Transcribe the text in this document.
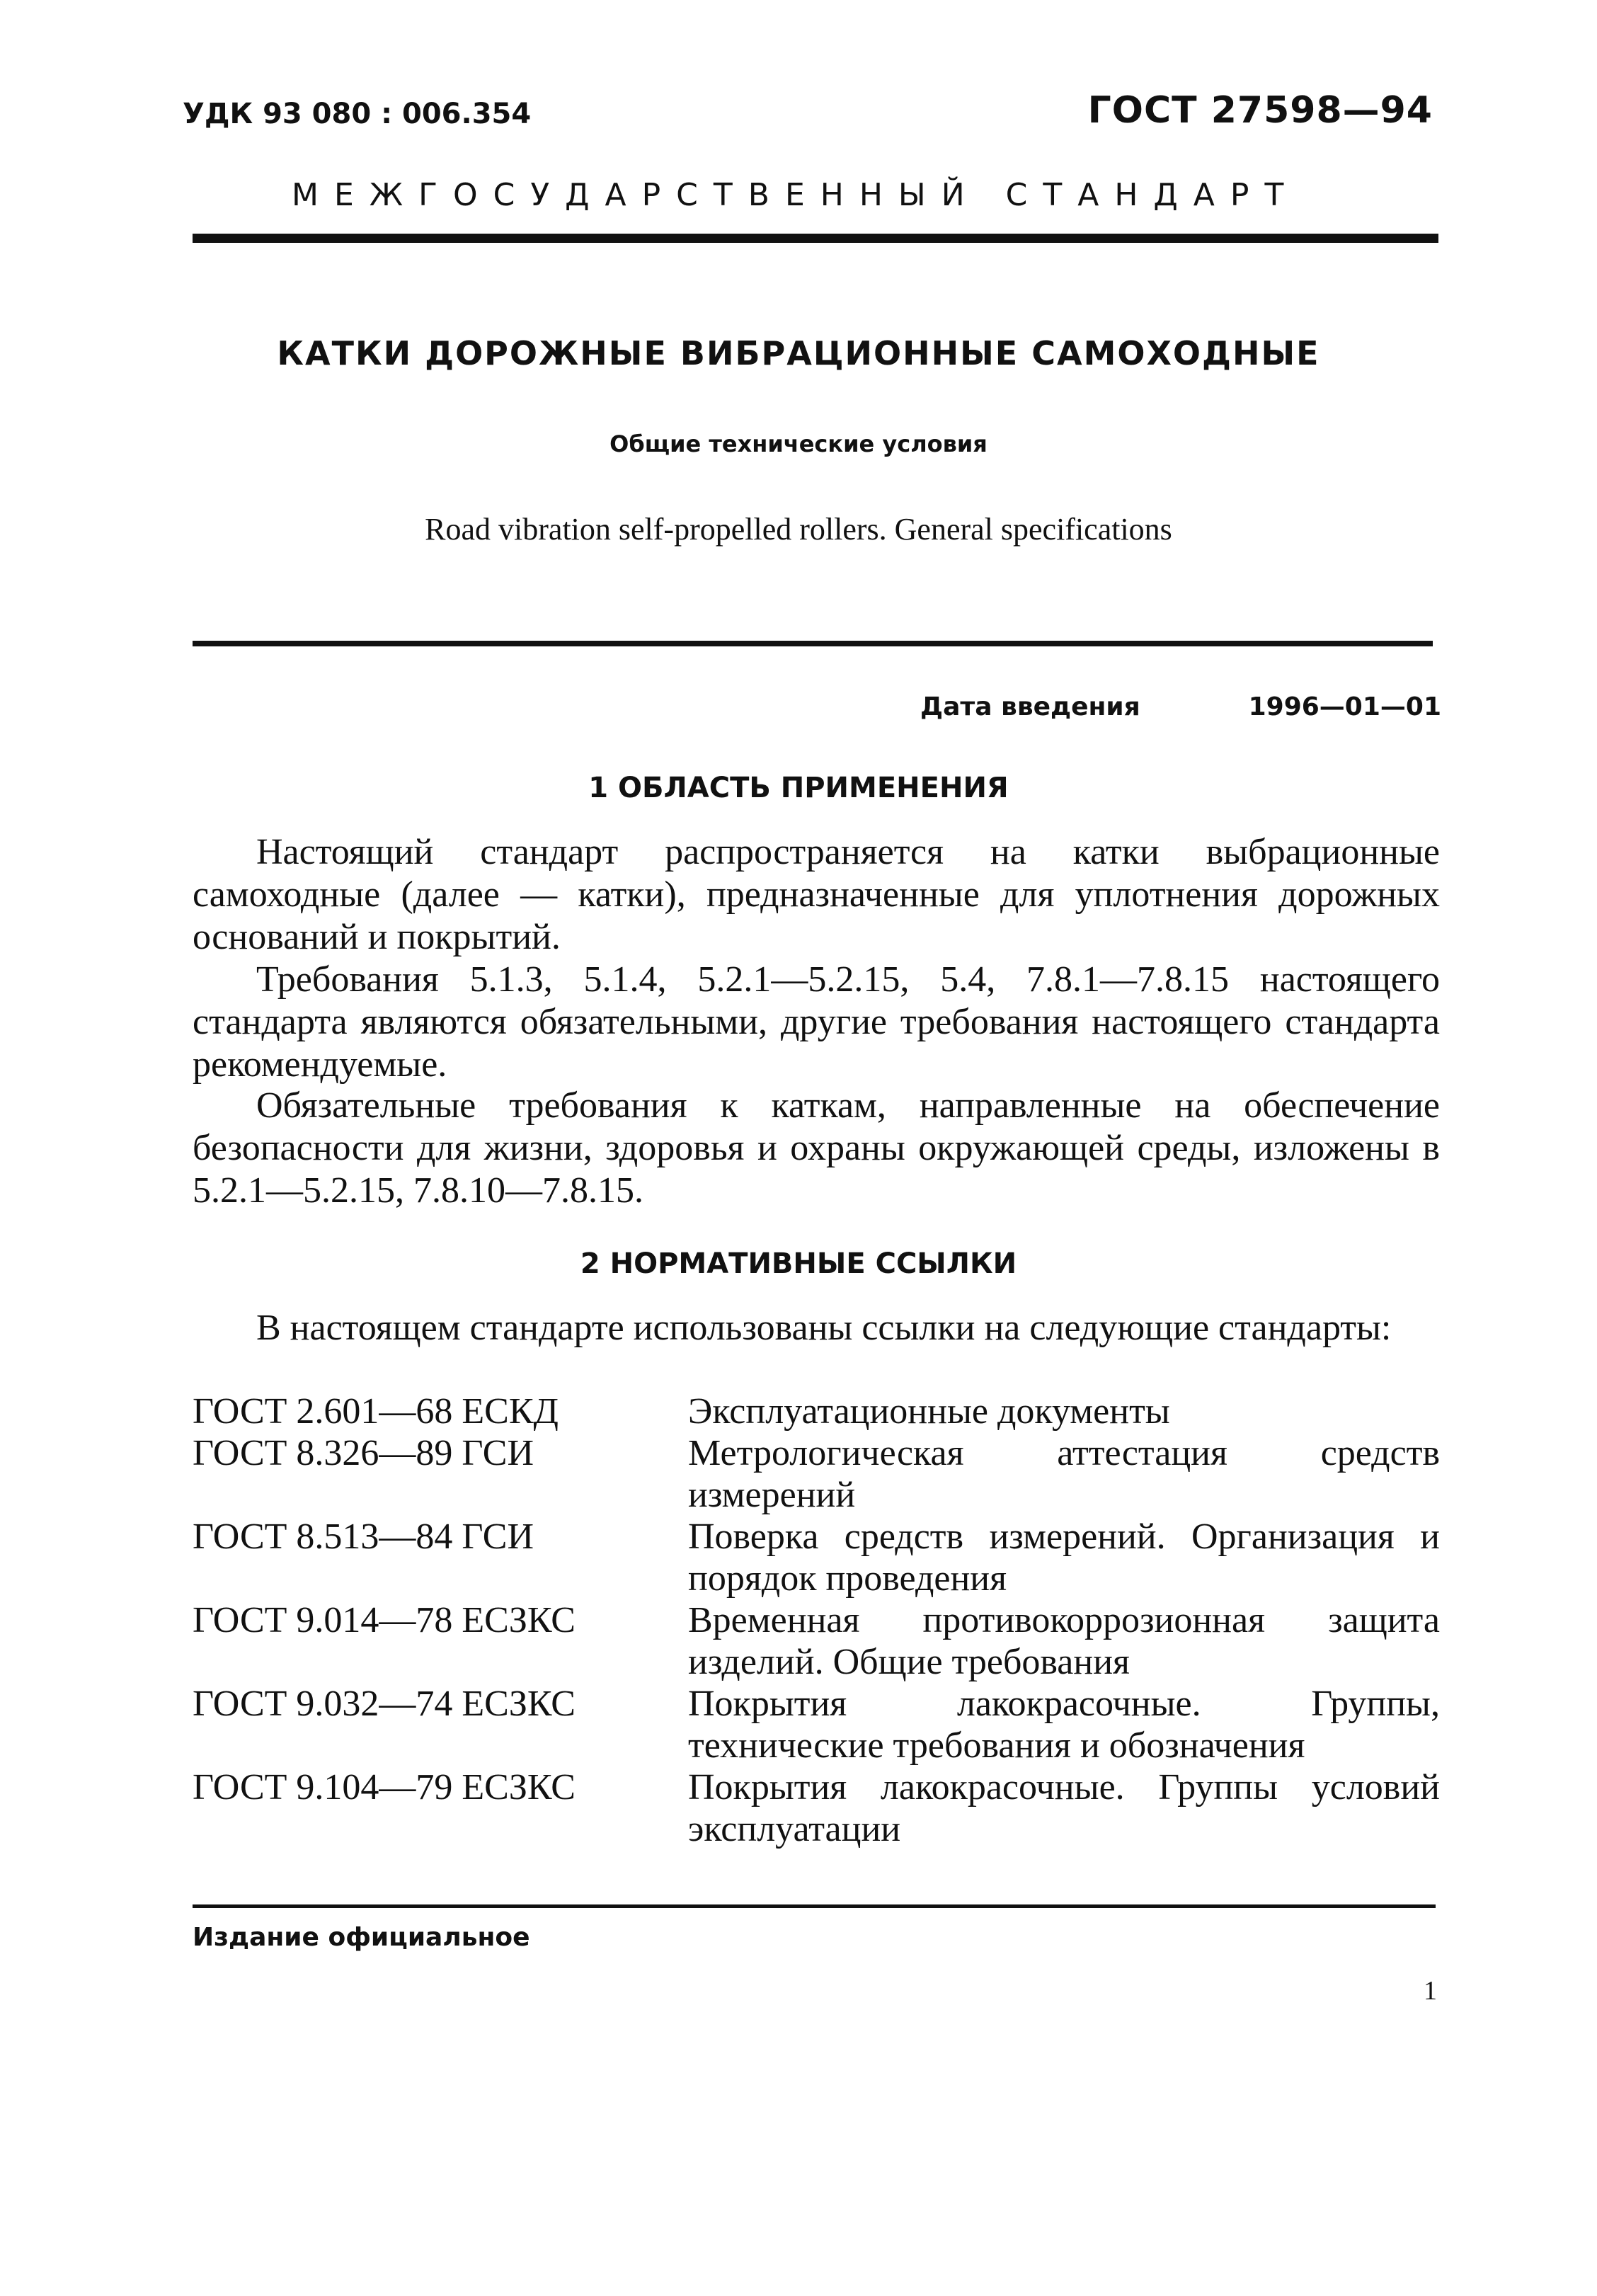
УДК 93 080 : 006.354	ГОСТ 27598—94
МЕЖГОСУДАРСТВЕННЫЙ СТАНДАРТ
КАТКИ ДОРОЖНЫЕ ВИБРАЦИОННЫЕ САМОХОДНЫЕ
Общие технические условия
Road vibration self-propelled rollers. General specifications
Дата введения	1996—01—01
1 ОБЛАСТЬ ПРИМЕНЕНИЯ
Настоящий стандарт распространяется на катки выбрационные самоходные (далее — катки), предназначенные для уплотнения дорожных оснований и покрытий.
Требования 5.1.3, 5.1.4, 5.2.1—5.2.15, 5.4, 7.8.1—7.8.15 настоящего стандарта являются обязательными, другие требования настоящего стандарта рекомендуемые.
Обязательные требования к каткам, направленные на обеспечение безопасности для жизни, здоровья и охраны окружающей среды, изложены в 5.2.1—5.2.15, 7.8.10—7.8.15.
2 НОРМАТИВНЫЕ ССЫЛКИ
В настоящем стандарте использованы ссылки на следующие стандарты:
ГОСТ 2.601—68 ЕСКД	Эксплуатационные документы
ГОСТ 8.326—89 ГСИ	Метрологическая аттестация средств измерений
ГОСТ 8.513—84 ГСИ	Поверка средств измерений. Организация и порядок проведения
ГОСТ 9.014—78 ЕСЗКС	Временная противокоррозионная защита изделий. Общие требования
ГОСТ 9.032—74 ЕСЗКС	Покрытия лакокрасочные. Группы, технические требования и обозначения
ГОСТ 9.104—79 ЕСЗКС	Покрытия лакокрасочные. Группы условий эксплуатации
Издание официальное
1
